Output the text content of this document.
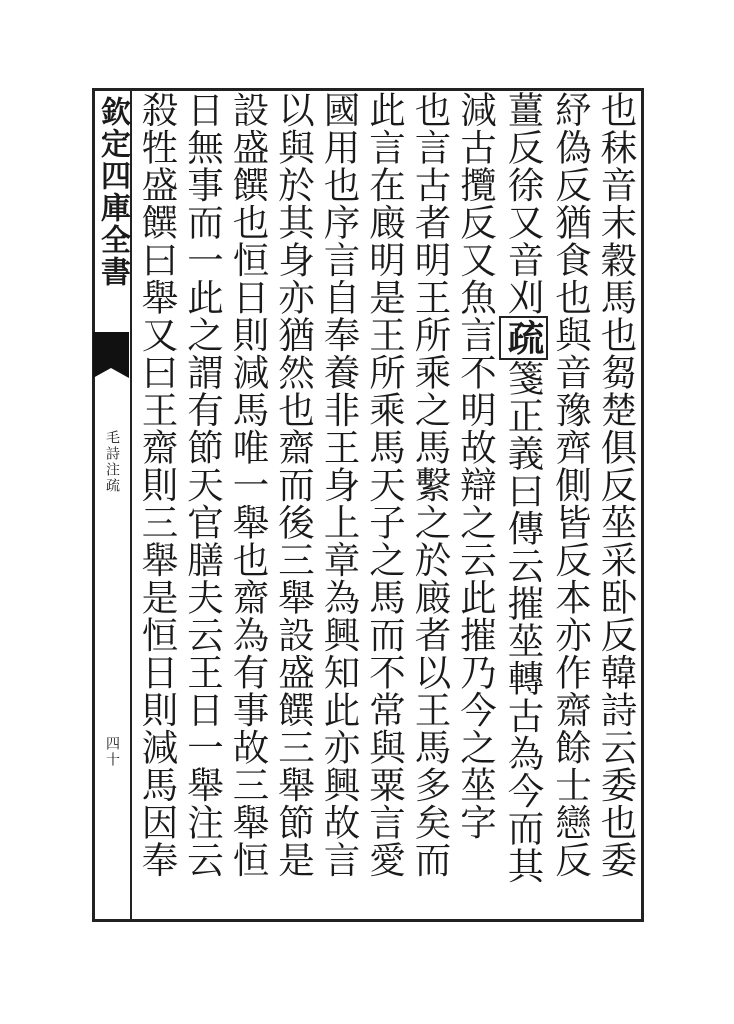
欽定四庫全書
毛詩注疏
四十	也秣音末穀馬也芻楚俱反莝采卧反韓詩云委也委
紓偽反猶食也與音豫齊側皆反本亦作齋餘士戀反
薑反徐又音刈疏箋正義曰傳云摧莝轉古為今而其
減古攬反又魚言不明故辯之云此摧乃今之莝字
也言古者明王所乘之馬繫之於廄者以王馬多矣而
此言在廄明是王所乘馬天子之馬而不常與粟言愛
國用也序言自奉養非王身上章為興知此亦興故言
以與於其身亦猶然也齋而後三舉設盛饌三舉節是
設盛饌也恒日則減馬唯一舉也齋為有事故三舉恒
日無事而一此之謂有節天官膳夫云王日一舉注云
殺牲盛饌曰舉又曰王齋則三舉是恒日則減馬因奉
